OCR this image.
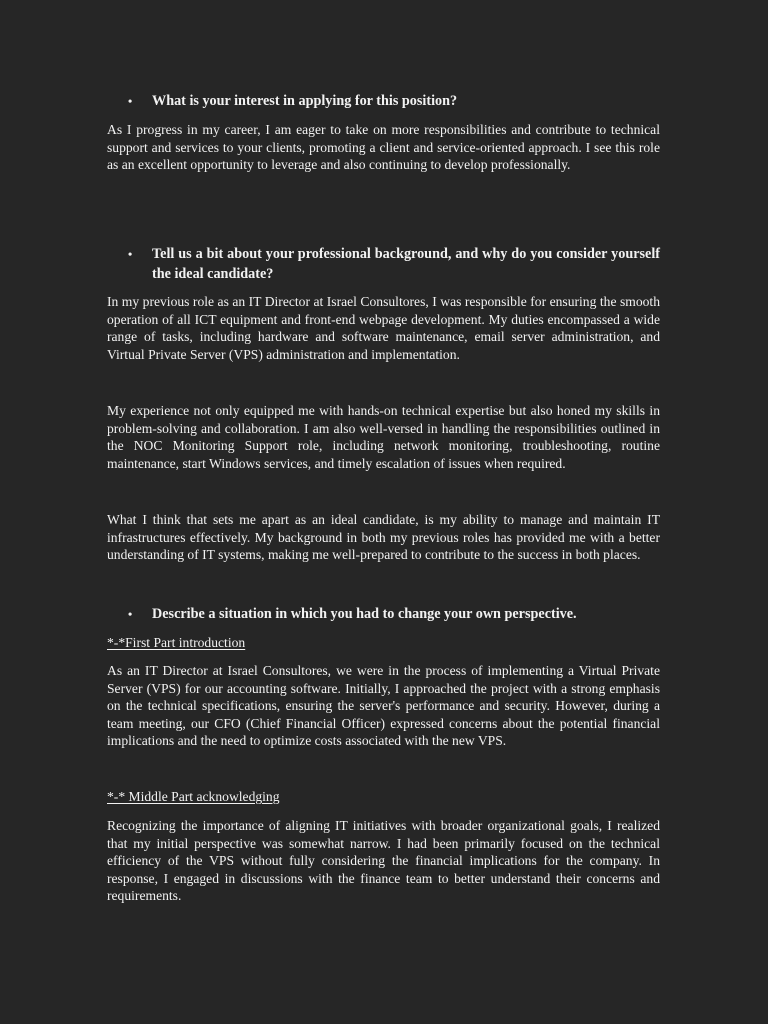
• What is your interest in applying for this position?

As I progress in my career, I am eager to take on more responsibilities and contribute to technical support and services to your clients, promoting a client and service-oriented approach. I see this role as an excellent opportunity to leverage and also continuing to develop professionally.

• Tell us a bit about your professional background, and why do you consider yourself the ideal candidate?

In my previous role as an IT Director at Israel Consultores, I was responsible for ensuring the smooth operation of all ICT equipment and front-end webpage development. My duties encompassed a wide range of tasks, including hardware and software maintenance, email server administration, and Virtual Private Server (VPS) administration and implementation.

My experience not only equipped me with hands-on technical expertise but also honed my skills in problem-solving and collaboration. I am also well-versed in handling the responsibilities outlined in the NOC Monitoring Support role, including network monitoring, troubleshooting, routine maintenance, start Windows services, and timely escalation of issues when required.

What I think that sets me apart as an ideal candidate, is my ability to manage and maintain IT infrastructures effectively. My background in both my previous roles has provided me with a better understanding of IT systems, making me well-prepared to contribute to the success in both places.

• Describe a situation in which you had to change your own perspective.
*-*First Part introduction

As an IT Director at Israel Consultores, we were in the process of implementing a Virtual Private Server (VPS) for our accounting software. Initially, I approached the project with a strong emphasis on the technical specifications, ensuring the server's performance and security. However, during a team meeting, our CFO (Chief Financial Officer) expressed concerns about the potential financial implications and the need to optimize costs associated with the new VPS.

*-* Middle Part acknowledging

Recognizing the importance of aligning IT initiatives with broader organizational goals, I realized that my initial perspective was somewhat narrow. I had been primarily focused on the technical efficiency of the VPS without fully considering the financial implications for the company. In response, I engaged in discussions with the finance team to better understand their concerns and requirements.
